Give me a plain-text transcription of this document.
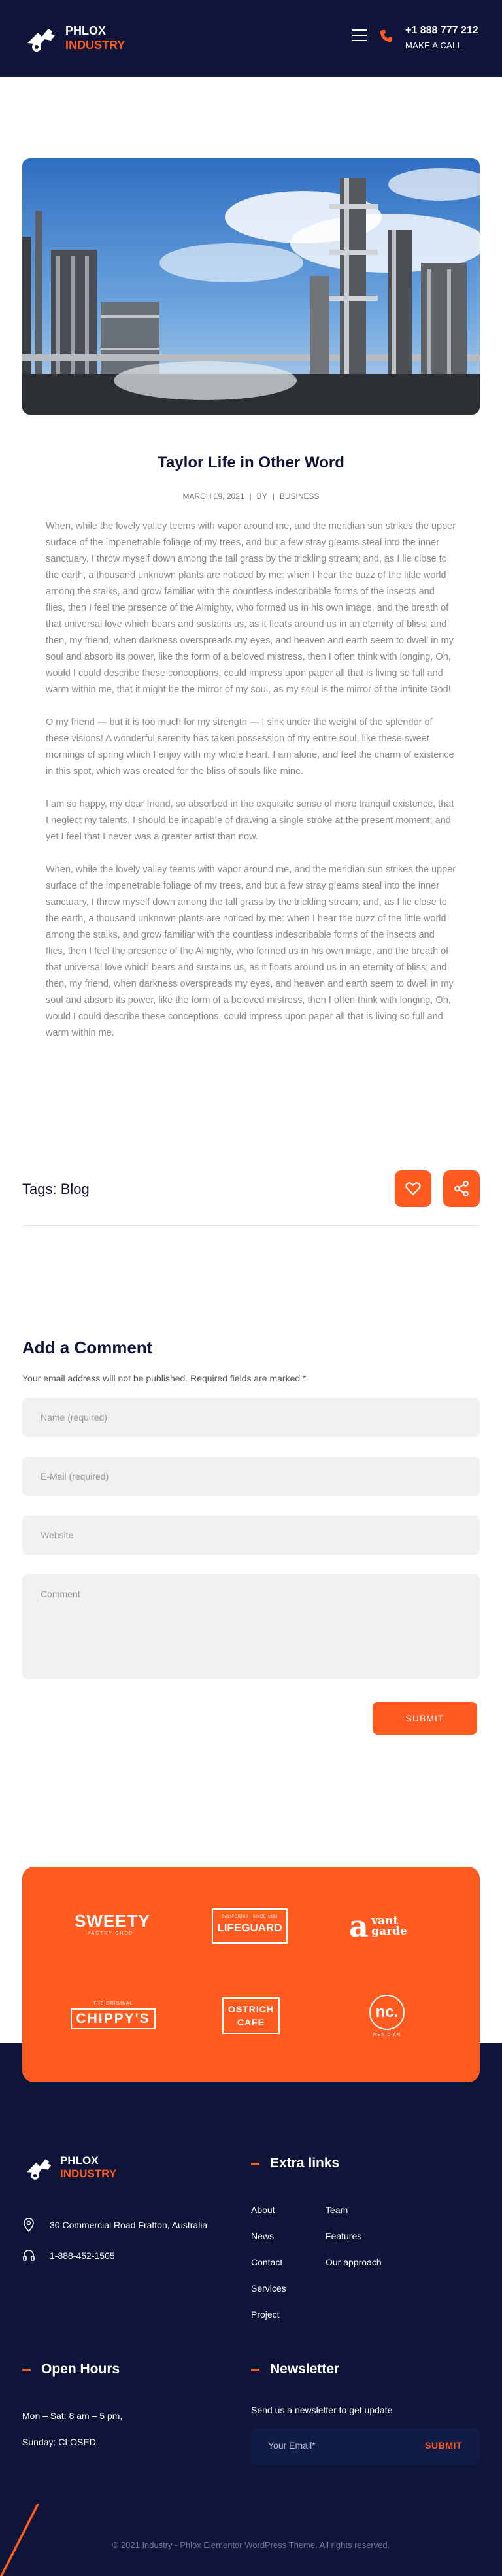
PHLOX
INDUSTRY
+1 888 777 212
MAKE A CALL
Taylor Life in Other Word
MARCH 19, 2021 | BY | BUSINESS

When, while the lovely valley teems with vapor around me, and the meridian sun strikes the upper surface of the impenetrable foliage of my trees, and but a few stray gleams steal into the inner sanctuary, I throw myself down among the tall grass by the trickling stream; and, as I lie close to the earth, a thousand unknown plants are noticed by me: when I hear the buzz of the little world among the stalks, and grow familiar with the countless indescribable forms of the insects and flies, then I feel the presence of the Almighty, who formed us in his own image, and the breath of that universal love which bears and sustains us, as it floats around us in an eternity of bliss; and then, my friend, when darkness overspreads my eyes, and heaven and earth seem to dwell in my soul and absorb its power, like the form of a beloved mistress, then I often think with longing, Oh, would I could describe these conceptions, could impress upon paper all that is living so full and warm within me, that it might be the mirror of my soul, as my soul is the mirror of the infinite God!

O my friend — but it is too much for my strength — I sink under the weight of the splendor of these visions! A wonderful serenity has taken possession of my entire soul, like these sweet mornings of spring which I enjoy with my whole heart. I am alone, and feel the charm of existence in this spot, which was created for the bliss of souls like mine.

I am so happy, my dear friend, so absorbed in the exquisite sense of mere tranquil existence, that I neglect my talents. I should be incapable of drawing a single stroke at the present moment; and yet I feel that I never was a greater artist than now.

When, while the lovely valley teems with vapor around me, and the meridian sun strikes the upper surface of the impenetrable foliage of my trees, and but a few stray gleams steal into the inner sanctuary, I throw myself down among the tall grass by the trickling stream; and, as I lie close to the earth, a thousand unknown plants are noticed by me: when I hear the buzz of the little world among the stalks, and grow familiar with the countless indescribable forms of the insects and flies, then I feel the presence of the Almighty, who formed us in his own image, and the breath of that universal love which bears and sustains us, as it floats around us in an eternity of bliss; and then, my friend, when darkness overspreads my eyes, and heaven and earth seem to dwell in my soul and absorb its power, like the form of a beloved mistress, then I often think with longing, Oh, would I could describe these conceptions, could impress upon paper all that is living so full and warm within me.

Tags: Blog
Add a Comment
Your email address will not be published. Required fields are marked *
Name (required)
E-Mail (required)
Website
Comment
SUBMIT
SWEETY
PASTRY SHOP
CALIFORNIA · SINCE 1986
LIFEGUARD a vant garde
THE ORIGINAL
CHIPPY'S
OSTRICH CAFE
nc.
MERIDIAN
PHLOX
INDUSTRY
30 Commercial Road Fratton, Australia
1-888-452-1505
Extra links
About
News
Contact
Services
Project
Team
Features
Our approach
Open Hours
Mon – Sat: 8 am – 5 pm,
Sunday: CLOSED
Newsletter
Send us a newsletter to get update
Your Email*	SUBMIT
© 2021 Industry - Phlox Elementor WordPress Theme. All rights reserved.
